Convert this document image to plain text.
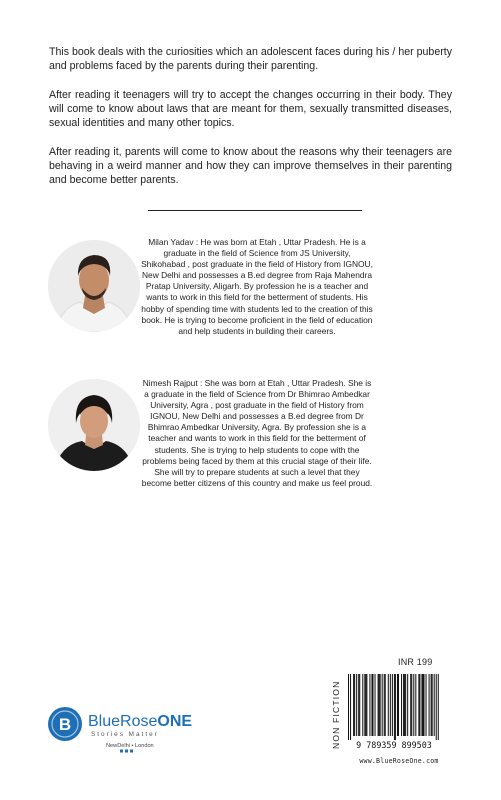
This book deals with the curiosities which an adolescent faces during his / her puberty and problems faced by the parents during their parenting.

After reading it teenagers will try to accept the changes occurring in their body. They will come to know about laws that are meant for them, sexually transmitted diseases, sexual identities and many other topics.

After reading it, parents will come to know about the reasons why their teenagers are behaving in a weird manner and how they can improve themselves in their parenting and become better parents.

Milan Yadav : He was born at Etah , Uttar Pradesh. He is a graduate in the field of Science from JS University, Shikohabad , post graduate in the field of History from IGNOU, New Delhi and possesses a B.ed degree from Raja Mahendra Pratap University, Aligarh. By profession he is a teacher and wants to work in this field for the betterment of students. His hobby of spending time with students led to the creation of this book. He is trying to become proficient in the field of education and help students in building their careers.

Nimesh Rajput : She was born at Etah , Uttar Pradesh. She is a graduate in the field of Science from Dr Bhimrao Ambedkar University, Agra , post graduate in the field of History from IGNOU, New Delhi and possesses a B.ed degree from Dr Bhimrao Ambedkar University, Agra. By profession she is a teacher and wants to work in this field for the betterment of students. She is trying to help students to cope with the problems being faced by them at this crucial stage of their life. She will try to prepare students at such a level that they become better citizens of this country and make us feel proud.

B BlueRoseONE
Stories Matter
NewDelhi • London
INR 199
NON FICTION 9 789359 899503
www.BlueRoseOne.com
